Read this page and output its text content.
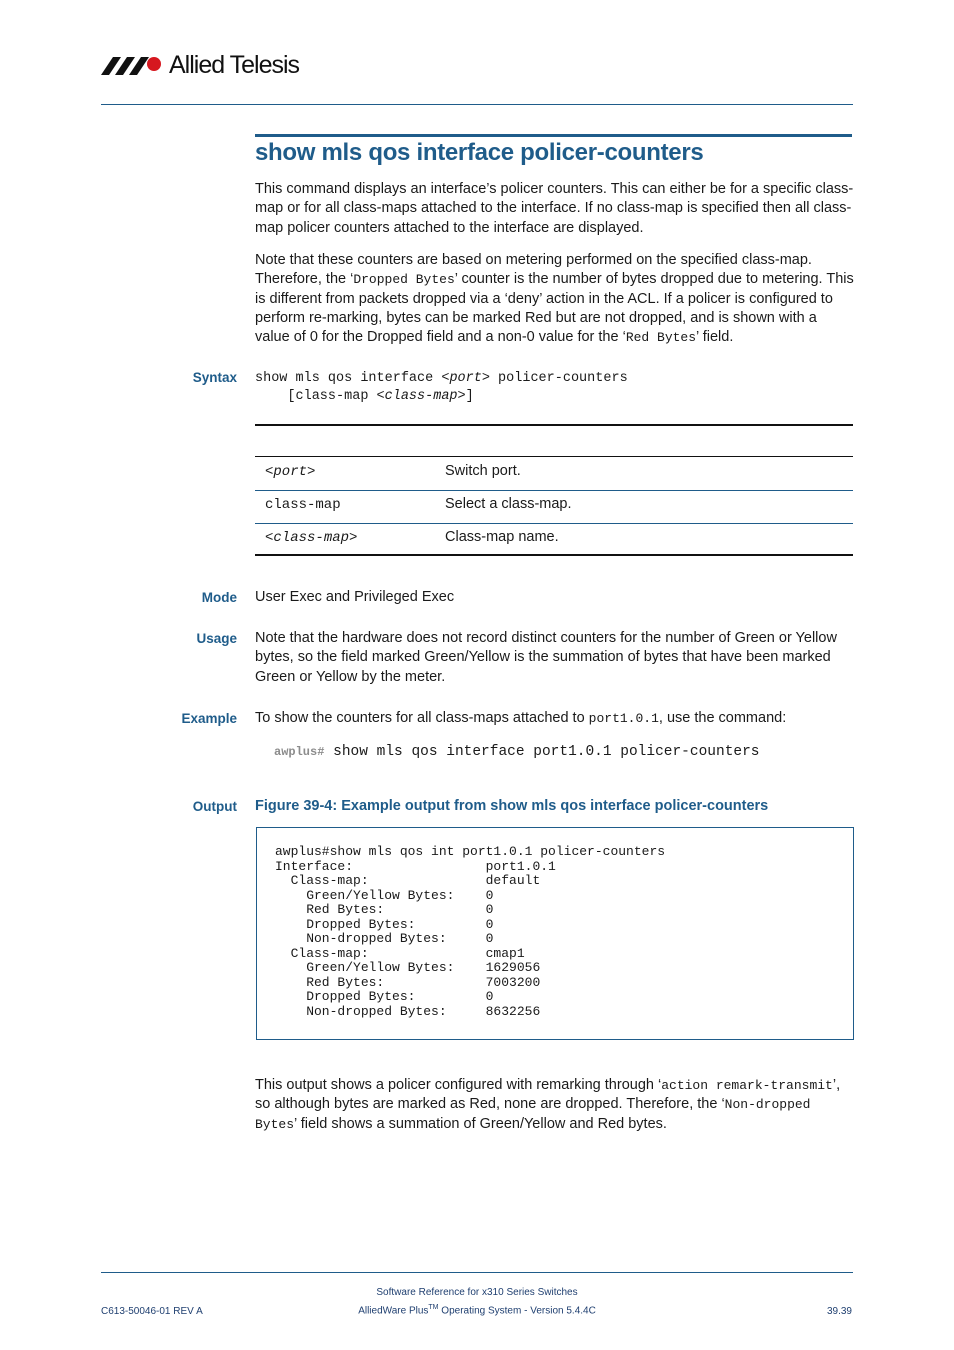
Allied Telesis
show mls qos interface policer-counters
This command displays an interface’s policer counters. This can either be for a specific class-map or for all class-maps attached to the interface. If no class-map is specified then all class-map policer counters attached to the interface are displayed.
Note that these counters are based on metering performed on the specified class-map. Therefore, the ‘Dropped Bytes’ counter is the number of bytes dropped due to metering. This is different from packets dropped via a ‘deny’ action in the ACL. If a policer is configured to perform re-marking, bytes can be marked Red but are not dropped, and is shown with a value of 0 for the Dropped field and a non-0 value for the ‘Red Bytes’ field.
Syntax show mls qos interface <port> policer-counters
[class-map <class-map>]
<port>	Switch port.
class-map	Select a class-map.
<class-map>	Class-map name.
Mode User Exec and Privileged Exec
Usage Note that the hardware does not record distinct counters for the number of Green or Yellow bytes, so the field marked Green/Yellow is the summation of bytes that have been marked Green or Yellow by the meter.
Example To show the counters for all class-maps attached to port1.0.1, use the command:
awplus# show mls qos interface port1.0.1 policer-counters
Output Figure 39-4: Example output from show mls qos interface policer-counters
awplus#show mls qos int port1.0.1 policer-counters
Interface:                 port1.0.1
Class-map:               default
Green/Yellow Bytes:    0
Red Bytes:             0
Dropped Bytes:         0
Non-dropped Bytes:     0
Class-map:               cmap1
Green/Yellow Bytes:    1629056
Red Bytes:             7003200
Dropped Bytes:         0
Non-dropped Bytes:     8632256
This output shows a policer configured with remarking through ‘action remark-transmit’, so although bytes are marked as Red, none are dropped. Therefore, the ‘Non-dropped Bytes’ field shows a summation of Green/Yellow and Red bytes.
C613-50046-01 REV A
Software Reference for x310 Series Switches
AlliedWare Plus™ Operating System - Version 5.4.4C	39.39
